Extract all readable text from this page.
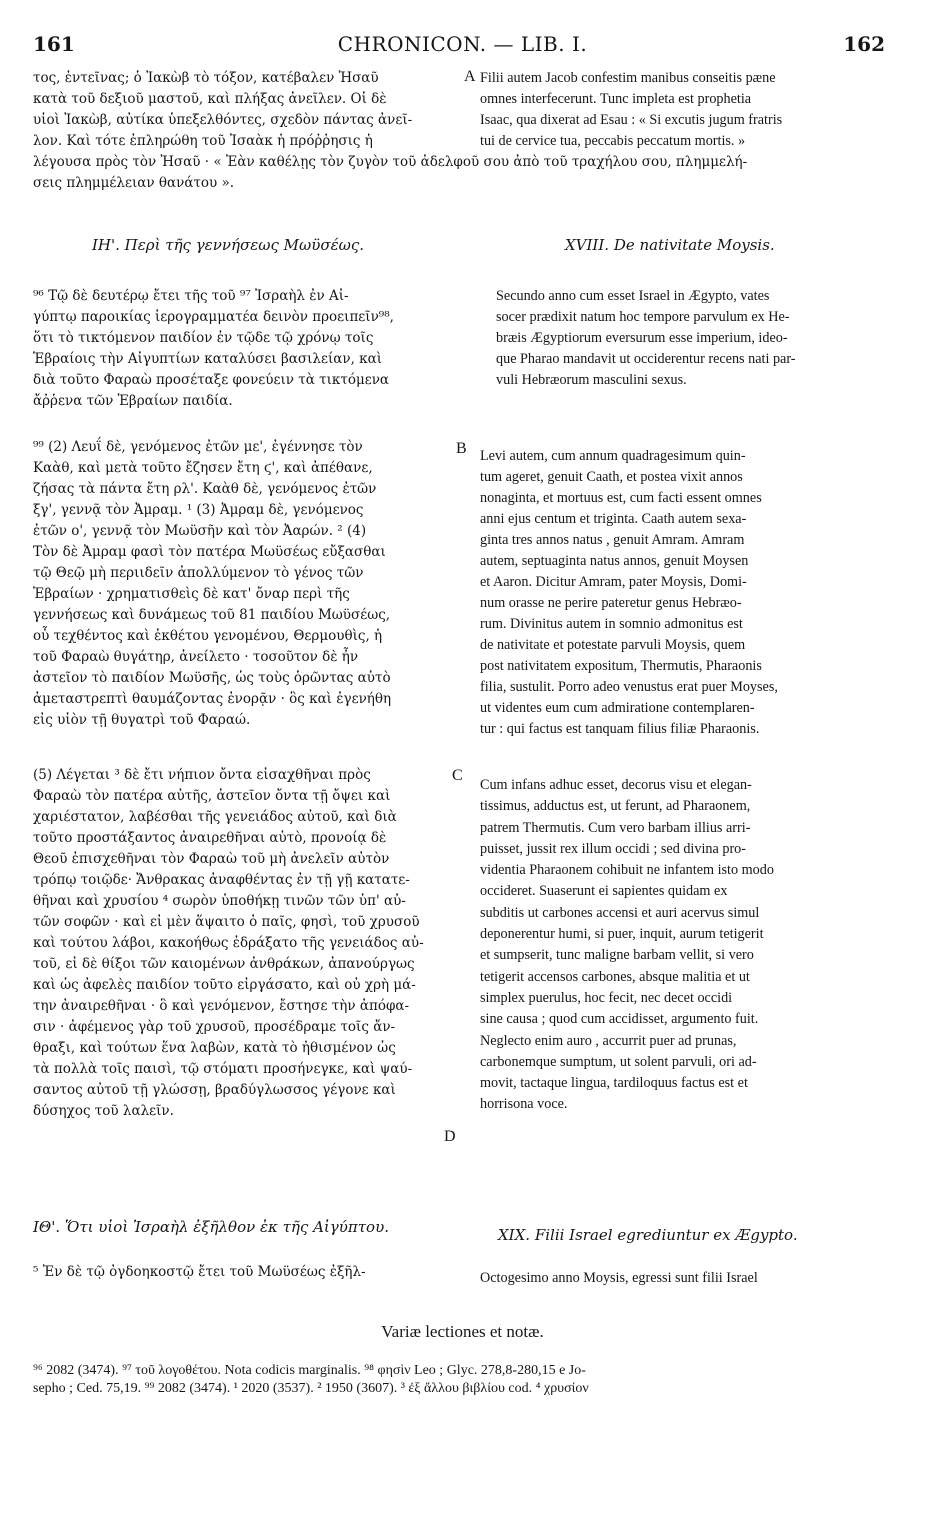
161	CHRONICON. — LIB. I.	162

τος, ἐντεῖνας; ὁ Ἰακὼβ τὸ τόξον, κατέβαλεν Ἠσαῦ
κατὰ τοῦ δεξιοῦ μαστοῦ, καὶ πλήξας ἀνεῖλεν. Οἱ δὲ
υἱοὶ Ἰακὼβ, αὐτίκα ὑπεξελθόντες, σχεδὸν πάντας ἀνεῖ-
λον. Καὶ τότε ἐπληρώθη τοῦ Ἰσαὰκ ἡ πρόῤῥησις ἡ
λέγουσα πρὸς τὸν Ἠσαῦ · « Ἐὰν καθέλῃς τὸν ζυγὸν τοῦ ἀδελφοῦ σου ἀπὸ τοῦ τραχήλου σου, πλημμελή-
σεις πλημμέλειαν θανάτου ».

Filii autem Jacob confestim manibus conseitis pæne
omnes interfecerunt. Tunc impleta est prophetia
Isaac, qua dixerat ad Esau : « Si excutis jugum fratris
tui de cervice tua, peccabis peccatum mortis. »

A

ΙΗ'. Περὶ τῆς γεννήσεως Μωϋσέως.	XVIII. De nativitate Moysis.

⁹⁶ Τῷ δὲ δευτέρῳ ἔτει τῆς τοῦ ⁹⁷ Ἰσραὴλ ἐν Αἰ-
γύπτῳ παροικίας ἱερογραμματέα δεινὸν προειπεῖν⁹⁸,
ὅτι τὸ τικτόμενον παιδίον ἐν τῷδε τῷ χρόνῳ τοῖς
Ἑβραίοις τὴν Αἰγυπτίων καταλύσει βασιλείαν, καὶ
διὰ τοῦτο Φαραὼ προσέταξε φονεύειν τὰ τικτόμενα
ἄῤῥενα τῶν Ἑβραίων παιδία.

Secundo anno cum esset Israel in Ægypto, vates
socer prædixit natum hoc tempore parvulum ex He-
bræis Ægyptiorum eversurum esse imperium, ideo-
que Pharao mandavit ut occiderentur recens nati par-
vuli Hebræorum masculini sexus.

⁹⁹ (2) Λευΐ δὲ, γενόμενος ἐτῶν με', ἐγέννησε τὸν
Καὰθ, καὶ μετὰ τοῦτο ἔζησεν ἔτη ϛ', καὶ ἀπέθανε,
ζήσας τὰ πάντα ἔτη ρλ'. Καὰθ δὲ, γενόμενος ἐτῶν
ξγ', γεννᾷ τὸν Ἀμραμ. ¹ (3) Ἀμραμ δὲ, γενόμενος
ἐτῶν ο', γεννᾷ τὸν Μωϋσῆν καὶ τὸν Ἀαρών. ² (4)
Τὸν δὲ Ἀμραμ φασὶ τὸν πατέρα Μωϋσέως εὔξασθαι
τῷ Θεῷ μὴ περιιδεῖν ἀπολλύμενον τὸ γένος τῶν
Ἑβραίων · χρηματισθεὶς δὲ κατ' ὄναρ περὶ τῆς
γεννήσεως καὶ δυνάμεως τοῦ 81 παιδίου Μωϋσέως,
οὗ τεχθέντος καὶ ἐκθέτου γενομένου, Θερμουθὶς, ἡ
τοῦ Φαραὼ θυγάτηρ, ἀνείλετο · τοσοῦτον δὲ ἦν
ἀστεῖον τὸ παιδίον Μωϋσῆς, ὡς τοὺς ὁρῶντας αὐτὸ
ἀμεταστρεπτὶ θαυμάζοντας ἐνορᾷν · ὃς καὶ ἐγενήθη
εἰς υἱὸν τῇ θυγατρὶ τοῦ Φαραώ.

B Levi autem, cum annum quadragesimum quin-
tum ageret, genuit Caath, et postea vixit annos
nonaginta, et mortuus est, cum facti essent omnes
anni ejus centum et triginta. Caath autem sexa-
ginta tres annos natus , genuit Amram. Amram
autem, septuaginta natus annos, genuit Moysen
et Aaron. Dicitur Amram, pater Moysis, Domi-
num orasse ne perire pateretur genus Hebræo-
rum. Divinitus autem in somnio admonitus est
de nativitate et potestate parvuli Moysis, quem
post nativitatem expositum, Thermutis, Pharaonis
filia, sustulit. Porro adeo venustus erat puer Moyses,
ut videntes eum cum admiratione contemplaren-
tur : qui factus est tanquam filius filiæ Pharaonis.

(5) Λέγεται ³ δὲ ἔτι νήπιον ὄντα εἰσαχθῆναι πρὸς
Φαραὼ τὸν πατέρα αὐτῆς, ἀστεῖον ὄντα τῇ ὄψει καὶ
χαριέστατον, λαβέσθαι τῆς γενειάδος αὐτοῦ, καὶ διὰ
τοῦτο προστάξαντος ἀναιρεθῆναι αὐτὸ, προνοίᾳ δὲ
Θεοῦ ἐπισχεθῆναι τὸν Φαραὼ τοῦ μὴ ἀνελεῖν αὐτὸν
τρόπῳ τοιῷδε· Ἄνθρακας ἀναφθέντας ἐν τῇ γῇ κατατε-
θῆναι καὶ χρυσίου ⁴ σωρὸν ὑποθήκῃ τινῶν τῶν ὑπ' αὐ-
τῶν σοφῶν · καὶ εἰ μὲν ἅψαιτο ὁ παῖς, φησὶ, τοῦ χρυσοῦ
καὶ τούτου λάβοι, κακοήθως ἐδράξατο τῆς γενειάδος αὐ-
τοῦ, εἰ δὲ θίξοι τῶν καιομένων ἀνθράκων, ἀπανούργως
καὶ ὡς ἀφελὲς παιδίον τοῦτο εἰργάσατο, καὶ οὐ χρὴ μά-
την ἀναιρεθῆναι · ὃ καὶ γενόμενον, ἔστησε τὴν ἀπόφα-
σιν · ἀφέμενος γὰρ τοῦ χρυσοῦ, προσέδραμε τοῖς ἄν-
θραξι, καὶ τούτων ἕνα λαβὼν, κατὰ τὸ ἠθισμένον ὡς
τὰ πολλὰ τοῖς παισὶ, τῷ στόματι προσήνεγκε, καὶ ψαύ-
σαντος αὐτοῦ τῇ γλώσσῃ, βραδύγλωσσος γέγονε καὶ
δύσηχος τοῦ λαλεῖν.

C

Cum infans adhuc esset, decorus visu et elegan-
tissimus, adductus est, ut ferunt, ad Pharaonem,
patrem Thermutis. Cum vero barbam illius arri-
puisset, jussit rex illum occidi ; sed divina pro-
videntia Pharaonem cohibuit ne infantem isto modo
occideret. Suaserunt ei sapientes quidam ex
subditis ut carbones accensi et auri acervus simul
deponerentur humi, si puer, inquit, aurum tetigerit
et sumpserit, tunc maligne barbam vellit, si vero
tetigerit accensos carbones, absque malitia et ut
simplex puerulus, hoc fecit, nec decet occidi
sine causa ; quod cum accidisset, argumento fuit.
Neglecto enim auro , accurrit puer ad prunas,
carbonemque sumptum, ut solent parvuli, ori ad-
movit, tactaque lingua, tardiloquus factus est et
horrisona voce.

D

ΙΘ'. Ὅτι υἱοὶ Ἰσραὴλ ἐξῆλθον ἐκ τῆς Αἰγύπτου.	XIX. Filii Israel egrediuntur ex Ægypto.

⁵ Ἐν δὲ τῷ ὀγδοηκοστῷ ἔτει τοῦ Μωϋσέως ἐξῆλ-	Octogesimo anno Moysis, egressi sunt filii Israel

Variæ lectiones et notæ.

⁹⁶ 2082 (3474). ⁹⁷ τοῦ λογοθέτου. Nota codicis marginalis. ⁹⁸ φησὶν Leo ; Glyc. 278,8-280,15 e Jo-
sepho ; Ced. 75,19. ⁹⁹ 2082 (3474). ¹ 2020 (3537). ² 1950 (3607). ³ ἐξ ἄλλου βιβλίου cod. ⁴ χρυσίον
